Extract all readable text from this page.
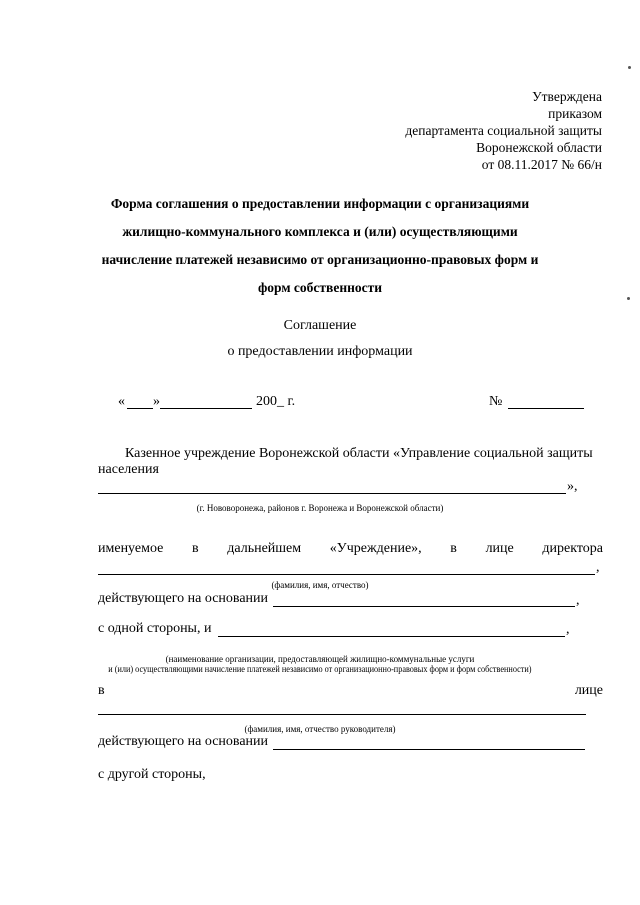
Утверждена
приказом
департамента социальной защиты
Воронежской области
от 08.11.2017 № 66/н
Форма соглашения о предоставлении информации с организациями жилищно-коммунального комплекса и (или) осуществляющими начисление платежей независимо от организационно-правовых форм и форм собственности
Соглашение
о предоставлении информации
« »	200_ г.	№
Казенное учреждение Воронежской области «Управление социальной защиты
населения
»,
(г. Нововоронежа, районов г. Воронежа и Воронежской области)
именуемое в дальнейшем «Учреждение», в лице директора
,
(фамилия, имя, отчество)
действующего на основании	,
с одной стороны, и	,
(наименование организации, предоставляющей жилищно-коммунальные услуги
и (или) осуществляющими начисление платежей независимо от организационно-правовых форм и форм собственности)
в	лице
(фамилия, имя, отчество руководителя)
действующего на основании
с другой стороны,
